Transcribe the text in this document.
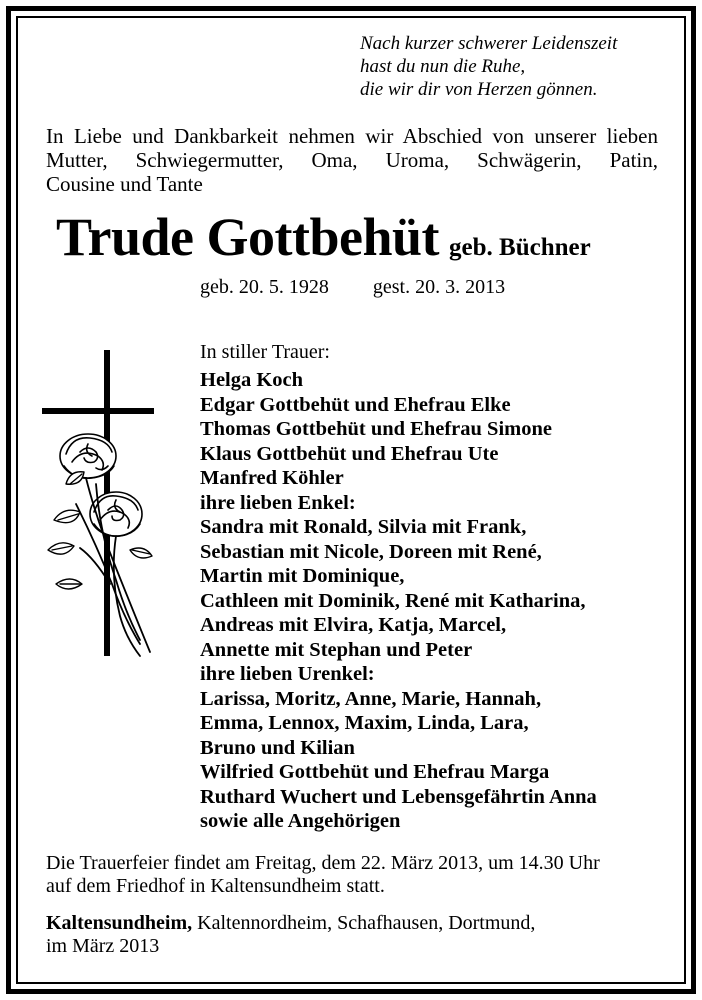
Nach kurzer schwerer Leidenszeit
hast du nun die Ruhe,
die wir dir von Herzen gönnen.
In Liebe und Dankbarkeit nehmen wir Abschied von unserer lieben
Mutter, Schwiegermutter, Oma, Uroma, Schwägerin, Patin,
Cousine und Tante
Trude Gottbehüt geb. Büchner
geb. 20. 5. 1928 gest. 20. 3. 2013
In stiller Trauer:
Helga Koch
Edgar Gottbehüt und Ehefrau Elke
Thomas Gottbehüt und Ehefrau Simone
Klaus Gottbehüt und Ehefrau Ute
Manfred Köhler
ihre lieben Enkel:
Sandra mit Ronald, Silvia mit Frank,
Sebastian mit Nicole, Doreen mit René,
Martin mit Dominique,
Cathleen mit Dominik, René mit Katharina,
Andreas mit Elvira, Katja, Marcel,
Annette mit Stephan und Peter
ihre lieben Urenkel:
Larissa, Moritz, Anne, Marie, Hannah,
Emma, Lennox, Maxim, Linda, Lara,
Bruno und Kilian
Wilfried Gottbehüt und Ehefrau Marga
Ruthard Wuchert und Lebensgefährtin Anna
sowie alle Angehörigen
Die Trauerfeier findet am Freitag, dem 22. März 2013, um 14.30 Uhr
auf dem Friedhof in Kaltensundheim statt.
Kaltensundheim, Kaltennordheim, Schafhausen, Dortmund,
im März 2013
